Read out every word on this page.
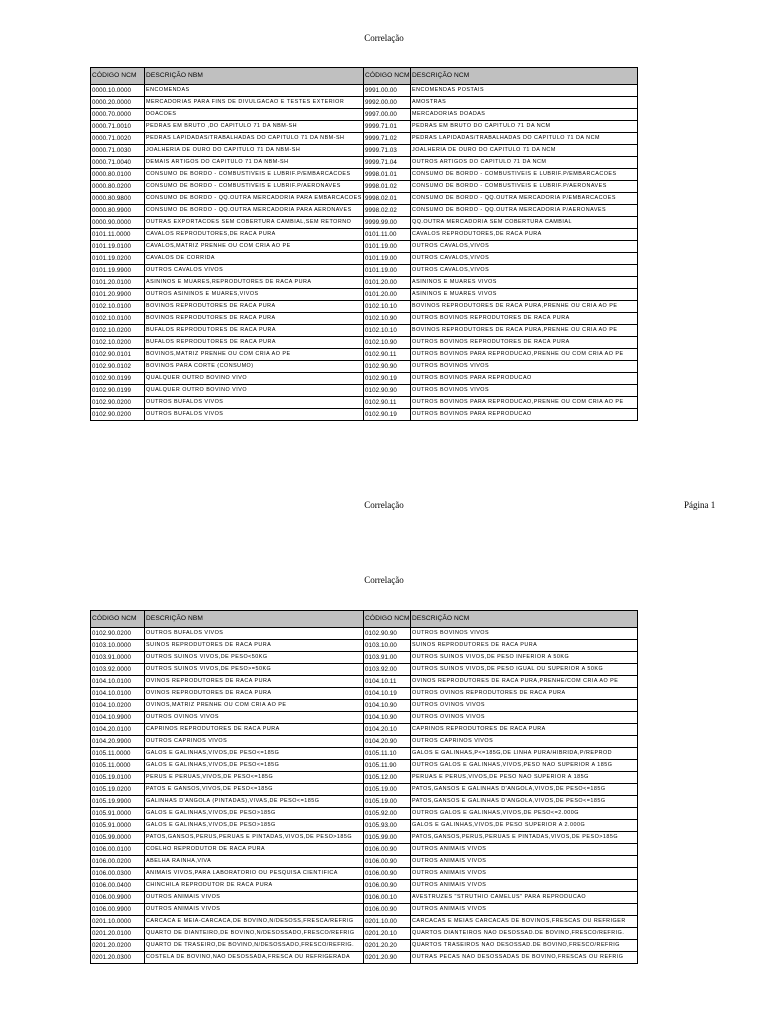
Correlação
CÓDIGO NCM	DESCRIÇÃO NBM	CÓDIGO NCM	DESCRIÇÃO NCM
0000.10.0000	ENCOMENDAS	9991.00.00	ENCOMENDAS POSTAIS
0000.20.0000	MERCADORIAS PARA FINS DE DIVULGACAO E TESTES EXTERIOR	9992.00.00	AMOSTRAS
0000.70.0000	DOACOES	9997.00.00	MERCADORIAS DOADAS
0000.71.0010	PEDRAS EM BRUTO ,DO CAPITULO 71 DA NBM-SH	9999.71.01	PEDRAS EM BRUTO DO CAPITULO 71 DA NCM
0000.71.0020	PEDRAS LAPIDADAS/TRABALHADAS DO CAPITULO 71 DA NBM-SH	9999.71.02	PEDRAS LAPIDADAS/TRABALHADAS DO CAPITULO 71 DA NCM
0000.71.0030	JOALHERIA DE OURO DO CAPITULO 71 DA NBM-SH	9999.71.03	JOALHERIA DE OURO DO CAPITULO 71 DA NCM
0000.71.0040	DEMAIS ARTIGOS DO CAPITULO 71 DA NBM-SH	9999.71.04	OUTROS ARTIGOS DO CAPITULO 71 DA NCM
0000.80.0100	CONSUMO DE BORDO - COMBUSTIVEIS E LUBRIF.P/EMBARCACOES	9998.01.01	CONSUMO DE BORDO - COMBUSTIVEIS E LUBRIF.P/EMBARCACOES
0000.80.0200	CONSUMO DE BORDO - COMBUSTIVEIS E LUBRIF.P/AERONAVES	9998.01.02	CONSUMO DE BORDO - COMBUSTIVEIS E LUBRIF.P/AERONAVES
0000.80.9800	CONSUMO DE BORDO - QQ.OUTRA MERCADORIA PARA EMBARCACOES	9998.02.01	CONSUMO DE BORDO - QQ.OUTRA MERCADORIA P/EMBARCACOES
0000.80.9900	CONSUMO DE BORDO - QQ.OUTRA MERCADORIA PARA AERONAVES	9998.02.02	CONSUMO DE BORDO - QQ.OUTRA MERCADORIA P/AERONAVES
0000.90.0000	OUTRAS EXPORTACOES SEM COBERTURA CAMBIAL,SEM RETORNO	9999.99.00	QQ.OUTRA MERCADORIA SEM COBERTURA CAMBIAL
0101.11.0000	CAVALOS REPRODUTORES,DE RACA PURA	0101.11.00	CAVALOS REPRODUTORES,DE RACA PURA
0101.19.0100	CAVALOS,MATRIZ PRENHE OU COM CRIA AO PE	0101.19.00	OUTROS CAVALOS,VIVOS
0101.19.0200	CAVALOS DE CORRIDA	0101.19.00	OUTROS CAVALOS,VIVOS
0101.19.9900	OUTROS CAVALOS VIVOS	0101.19.00	OUTROS CAVALOS,VIVOS
0101.20.0100	ASININOS E MUARES,REPRODUTORES DE RACA PURA	0101.20.00	ASININOS E MUARES VIVOS
0101.20.9900	OUTROS ASININOS E MUARES,VIVOS	0101.20.00	ASININOS E MUARES VIVOS
0102.10.0100	BOVINOS REPRODUTORES DE RACA PURA	0102.10.10	BOVINOS REPRODUTORES DE RACA PURA,PRENHE OU CRIA AO PE
0102.10.0100	BOVINOS REPRODUTORES DE RACA PURA	0102.10.90	OUTROS BOVINOS REPRODUTORES DE RACA PURA
0102.10.0200	BUFALOS REPRODUTORES DE RACA PURA	0102.10.10	BOVINOS REPRODUTORES DE RACA PURA,PRENHE OU CRIA AO PE
0102.10.0200	BUFALOS REPRODUTORES DE RACA PURA	0102.10.90	OUTROS BOVINOS REPRODUTORES DE RACA PURA
0102.90.0101	BOVINOS,MATRIZ PRENHE OU COM CRIA AO PE	0102.90.11	OUTROS BOVINOS PARA REPRODUCAO,PRENHE OU COM CRIA AO PE
0102.90.0102	BOVINOS PARA CORTE (CONSUMO)	0102.90.90	OUTROS BOVINOS VIVOS
0102.90.0199	QUALQUER OUTRO BOVINO VIVO	0102.90.19	OUTROS BOVINOS PARA REPRODUCAO
0102.90.0199	QUALQUER OUTRO BOVINO VIVO	0102.90.90	OUTROS BOVINOS VIVOS
0102.90.0200	OUTROS BUFALOS VIVOS	0102.90.11	OUTROS BOVINOS PARA REPRODUCAO,PRENHE OU COM CRIA AO PE
0102.90.0200	OUTROS BUFALOS VIVOS	0102.90.19	OUTROS BOVINOS PARA REPRODUCAO
Correlação	Página 1
Correlação
CÓDIGO NCM	DESCRIÇÃO NBM	CÓDIGO NCM	DESCRIÇÃO NCM
0102.90.0200	OUTROS BUFALOS VIVOS	0102.90.90	OUTROS BOVINOS VIVOS
0103.10.0000	SUINOS REPRODUTORES DE RACA PURA	0103.10.00	SUINOS REPRODUTORES DE RACA PURA
0103.91.0000	OUTROS SUINOS VIVOS,DE PESO<50KG	0103.91.00	OUTROS SUINOS VIVOS,DE PESO INFERIOR A 50KG
0103.92.0000	OUTROS SUINOS VIVOS,DE PESO>=50KG	0103.92.00	OUTROS SUINOS VIVOS,DE PESO IGUAL OU SUPERIOR A 50KG
0104.10.0100	OVINOS REPRODUTORES DE RACA PURA	0104.10.11	OVINOS REPRODUTORES DE RACA PURA,PRENHE/COM CRIA AO PE
0104.10.0100	OVINOS REPRODUTORES DE RACA PURA	0104.10.19	OUTROS OVINOS REPRODUTORES DE RACA PURA
0104.10.0200	OVINOS,MATRIZ PRENHE OU COM CRIA AO PE	0104.10.90	OUTROS OVINOS VIVOS
0104.10.9900	OUTROS OVINOS VIVOS	0104.10.90	OUTROS OVINOS VIVOS
0104.20.0100	CAPRINOS REPRODUTORES DE RACA PURA	0104.20.10	CAPRINOS REPRODUTORES DE RACA PURA
0104.20.9900	OUTROS CAPRINOS VIVOS	0104.20.90	OUTROS CAPRINOS VIVOS
0105.11.0000	GALOS E GALINHAS,VIVOS,DE PESO<=185G	0105.11.10	GALOS E GALINHAS,P<=185G,DE LINHA PURA/HIBRIDA,P/REPROD
0105.11.0000	GALOS E GALINHAS,VIVOS,DE PESO<=185G	0105.11.90	OUTROS GALOS E GALINHAS,VIVOS,PESO NAO SUPERIOR A 185G
0105.19.0100	PERUS E PERUAS,VIVOS,DE PESO<=185G	0105.12.00	PERUAS E PERUS,VIVOS,DE PESO NAO SUPERIOR A 185G
0105.19.0200	PATOS E GANSOS,VIVOS,DE PESO<=185G	0105.19.00	PATOS,GANSOS E GALINHAS D'ANGOLA,VIVOS,DE PESO<=185G
0105.19.9900	GALINHAS D'ANGOLA (PINTADAS),VIVAS,DE PESO<=185G	0105.19.00	PATOS,GANSOS E GALINHAS D'ANGOLA,VIVOS,DE PESO<=185G
0105.91.0000	GALOS E GALINHAS,VIVOS,DE PESO>185G	0105.92.00	OUTROS GALOS E GALINHAS,VIVOS,DE PESO<=2.000G
0105.91.0000	GALOS E GALINHAS,VIVOS,DE PESO>185G	0105.93.00	GALOS E GALINHAS,VIVOS,DE PESO SUPERIOR A 2.000G
0105.99.0000	PATOS,GANSOS,PERUS,PERUAS E PINTADAS,VIVOS,DE PESO>185G	0105.99.00	PATOS,GANSOS,PERUS,PERUAS E PINTADAS,VIVOS,DE PESO>185G
0106.00.0100	COELHO REPRODUTOR DE RACA PURA	0106.00.90	OUTROS ANIMAIS VIVOS
0106.00.0200	ABELHA RAINHA,VIVA	0106.00.90	OUTROS ANIMAIS VIVOS
0106.00.0300	ANIMAIS VIVOS,PARA LABORATORIO OU PESQUISA CIENTIFICA	0106.00.90	OUTROS ANIMAIS VIVOS
0106.00.0400	CHINCHILA REPRODUTOR DE RACA PURA	0106.00.90	OUTROS ANIMAIS VIVOS
0106.00.9900	OUTROS ANIMAIS VIVOS	0106.00.10	AVESTRUZES "STRUTHIO CAMELUS" PARA REPRODUCAO
0106.00.9900	OUTROS ANIMAIS VIVOS	0106.00.90	OUTROS ANIMAIS VIVOS
0201.10.0000	CARCACA E MEIA-CARCACA,DE BOVINO,N/DESOSS,FRESCA/REFRIG	0201.10.00	CARCACAS E MEIAS CARCACAS DE BOVINOS,FRESCAS OU REFRIGER
0201.20.0100	QUARTO DE DIANTEIRO,DE BOVINO,N/DESOSSADO,FRESCO/REFRIG	0201.20.10	QUARTOS DIANTEIROS NAO DESOSSAD.DE BOVINO,FRESCO/REFRIG.
0201.20.0200	QUARTO DE TRASEIRO,DE BOVINO,N/DESOSSADO,FRESCO/REFRIG.	0201.20.20	QUARTOS TRASEIROS NAO DESOSSAD.DE BOVINO,FRESCO/REFRIG
0201.20.0300	COSTELA DE BOVINO,NAO DESOSSADA,FRESCA OU REFRIGERADA	0201.20.90	OUTRAS PECAS NAO DESOSSADAS DE BOVINO,FRESCAS OU REFRIG
